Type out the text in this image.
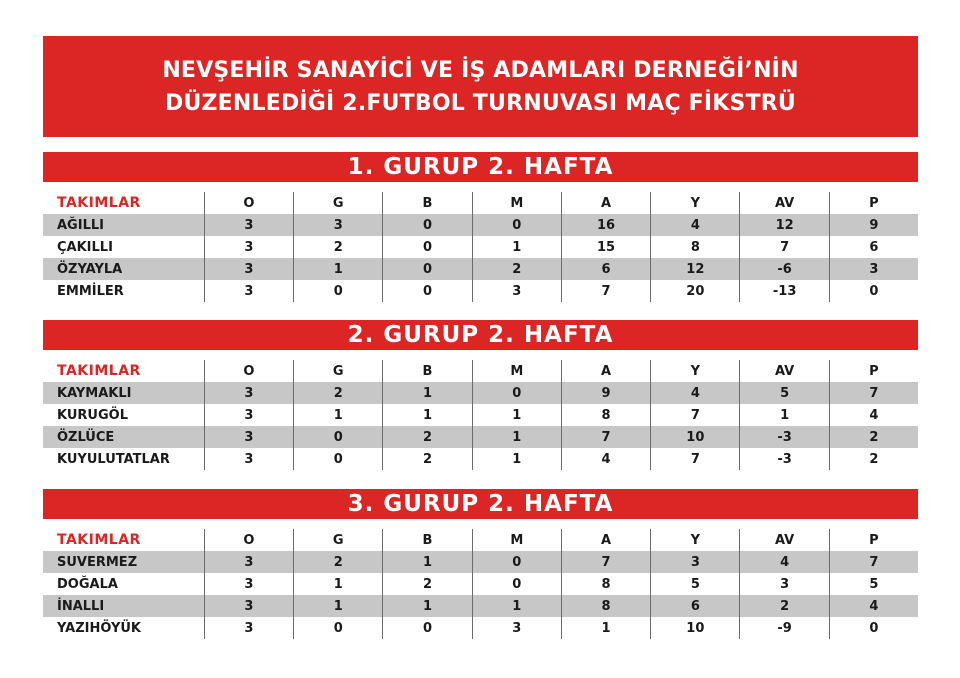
NEVŞEHİR SANAYİCİ VE İŞ ADAMLARI DERNEĞİ’NİN
DÜZENLEDİĞİ 2.FUTBOL TURNUVASI MAÇ FİKSTRÜ
1. GURUP 2. HAFTA
TAKIMLAR	O	G	B	M	A	Y	AV	P
AĞILLI	3	3	0	0	16	4	12	9
ÇAKILLI	3	2	0	1	15	8	7	6
ÖZYAYLA	3	1	0	2	6	12	-6	3
EMMİLER	3	0	0	3	7	20	-13	0
2. GURUP 2. HAFTA
TAKIMLAR	O	G	B	M	A	Y	AV	P
KAYMAKLI	3	2	1	0	9	4	5	7
KURUGÖL	3	1	1	1	8	7	1	4
ÖZLÜCE	3	0	2	1	7	10	-3	2
KUYULUTATLAR	3	0	2	1	4	7	-3	2
3. GURUP 2. HAFTA
TAKIMLAR	O	G	B	M	A	Y	AV	P
SUVERMEZ	3	2	1	0	7	3	4	7
DOĞALA	3	1	2	0	8	5	3	5
İNALLI	3	1	1	1	8	6	2	4
YAZIHÖYÜK	3	0	0	3	1	10	-9	0
